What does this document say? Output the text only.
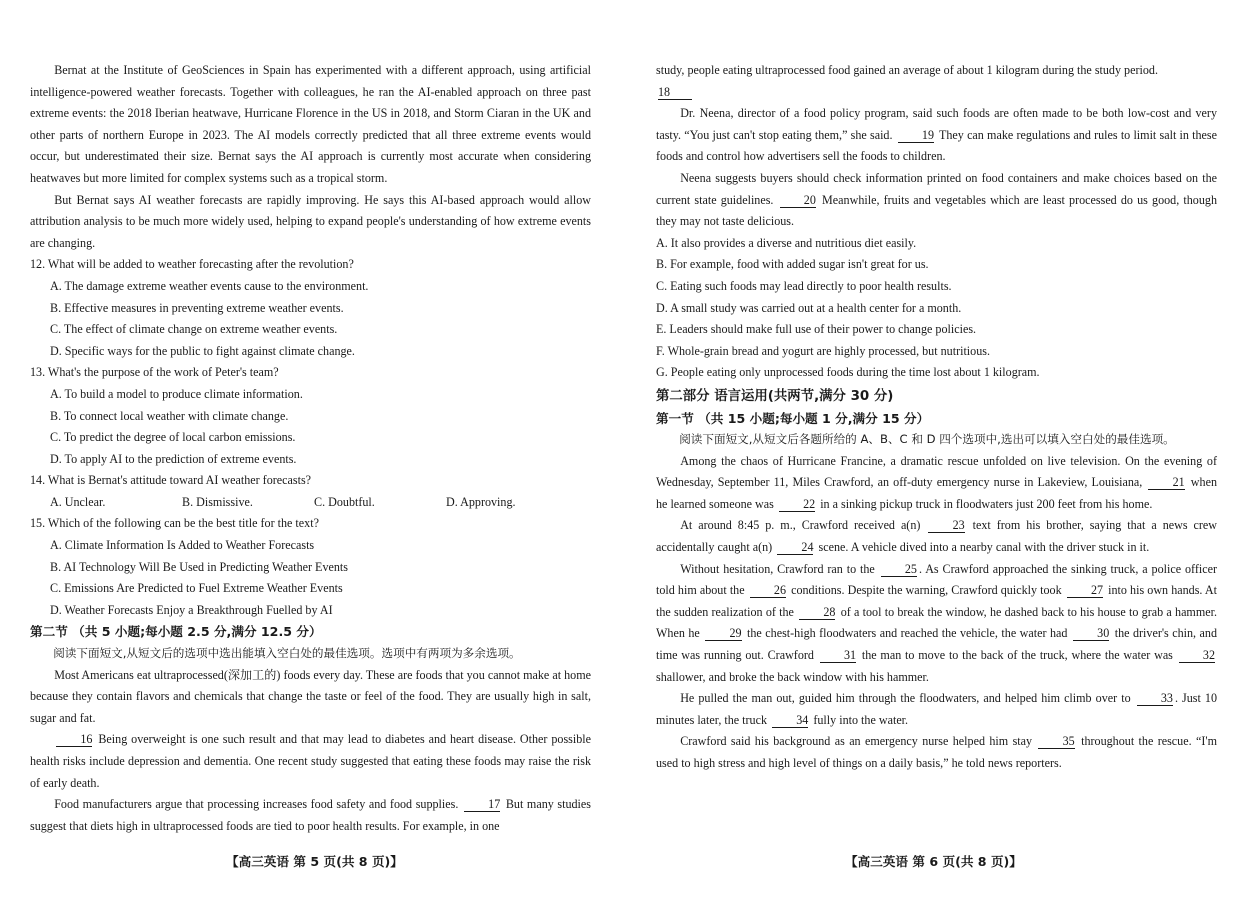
Bernat at the Institute of GeoSciences in Spain has experimented with a different approach, using artificial intelligence-powered weather forecasts. Together with colleagues, he ran the AI-enabled approach on three past extreme events: the 2018 Iberian heatwave, Hurricane Florence in the US in 2018, and Storm Ciaran in the UK and other parts of northern Europe in 2023. The AI models correctly predicted that all three extreme events would occur, but underestimated their size. Bernat says the AI approach is currently most accurate when considering heatwaves but more limited for complex systems such as a tropical storm.

But Bernat says AI weather forecasts are rapidly improving. He says this AI-based approach would allow attribution analysis to be much more widely used, helping to expand people's understanding of how extreme events are changing.

12. What will be added to weather forecasting after the revolution?

A. The damage extreme weather events cause to the environment.

B. Effective measures in preventing extreme weather events.

C. The effect of climate change on extreme weather events.

D. Specific ways for the public to fight against climate change.

13. What's the purpose of the work of Peter's team?

A. To build a model to produce climate information.

B. To connect local weather with climate change.

C. To predict the degree of local carbon emissions.

D. To apply AI to the prediction of extreme events.

14. What is Bernat's attitude toward AI weather forecasts?

A. Unclear.	B. Dismissive.	C. Doubtful.	D. Approving.

15. Which of the following can be the best title for the text?

A. Climate Information Is Added to Weather Forecasts

B. AI Technology Will Be Used in Predicting Weather Events

C. Emissions Are Predicted to Fuel Extreme Weather Events

D. Weather Forecasts Enjoy a Breakthrough Fuelled by AI

第二节 （共 5 小题;每小题 2.5 分,满分 12.5 分）

阅读下面短文,从短文后的选项中选出能填入空白处的最佳选项。选项中有两项为多余选项。

Most Americans eat ultraprocessed(深加工的) foods every day. These are foods that you cannot make at home because they contain flavors and chemicals that change the taste or feel of the food. They are usually high in salt, sugar and fat.

16 Being overweight is one such result and that may lead to diabetes and heart disease. Other possible health risks include depression and dementia. One recent study suggested that eating these foods may raise the risk of early death.

Food manufacturers argue that processing increases food safety and food supplies. 17 But many studies suggest that diets high in ultraprocessed foods are tied to poor health results. For example, in one

【高三英语 第 5 页(共 8 页)】

study, people eating ultraprocessed food gained an average of about 1 kilogram during the study period.
18

Dr. Neena, director of a food policy program, said such foods are often made to be both low-cost and very tasty. “You just can't stop eating them,” she said. 19 They can make regulations and rules to limit salt in these foods and control how advertisers sell the foods to children.

Neena suggests buyers should check information printed on food containers and make choices based on the current state guidelines. 20 Meanwhile, fruits and vegetables which are least processed do us good, though they may not taste delicious.

A. It also provides a diverse and nutritious diet easily.

B. For example, food with added sugar isn't great for us.

C. Eating such foods may lead directly to poor health results.

D. A small study was carried out at a health center for a month.

E. Leaders should make full use of their power to change policies.

F. Whole-grain bread and yogurt are highly processed, but nutritious.

G. People eating only unprocessed foods during the time lost about 1 kilogram.

第二部分 语言运用(共两节,满分 30 分)

第一节 （共 15 小题;每小题 1 分,满分 15 分）

阅读下面短文,从短文后各题所给的 A、B、C 和 D 四个选项中,选出可以填入空白处的最佳选项。

Among the chaos of Hurricane Francine, a dramatic rescue unfolded on live television. On the evening of Wednesday, September 11, Miles Crawford, an off-duty emergency nurse in Lakeview, Louisiana, 21 when he learned someone was 22 in a sinking pickup truck in floodwaters just 200 feet from his home.

At around 8:45 p. m., Crawford received a(n) 23 text from his brother, saying that a news crew accidentally caught a(n) 24 scene. A vehicle dived into a nearby canal with the driver stuck in it.

Without hesitation, Crawford ran to the 25 . As Crawford approached the sinking truck, a police officer told him about the 26 conditions. Despite the warning, Crawford quickly took 27 into his own hands. At the sudden realization of the 28 of a tool to break the window, he dashed back to his house to grab a hammer. When he 29 the chest-high floodwaters and reached the vehicle, the water had 30 the driver's chin, and time was running out. Crawford 31 the man to move to the back of the truck, where the water was 32 shallower, and broke the back window with his hammer.

He pulled the man out, guided him through the floodwaters, and helped him climb over to 33 . Just 10 minutes later, the truck 34 fully into the water.

Crawford said his background as an emergency nurse helped him stay 35 throughout the rescue. “I'm used to high stress and high level of things on a daily basis,” he told news reporters.

【高三英语 第 6 页(共 8 页)】
